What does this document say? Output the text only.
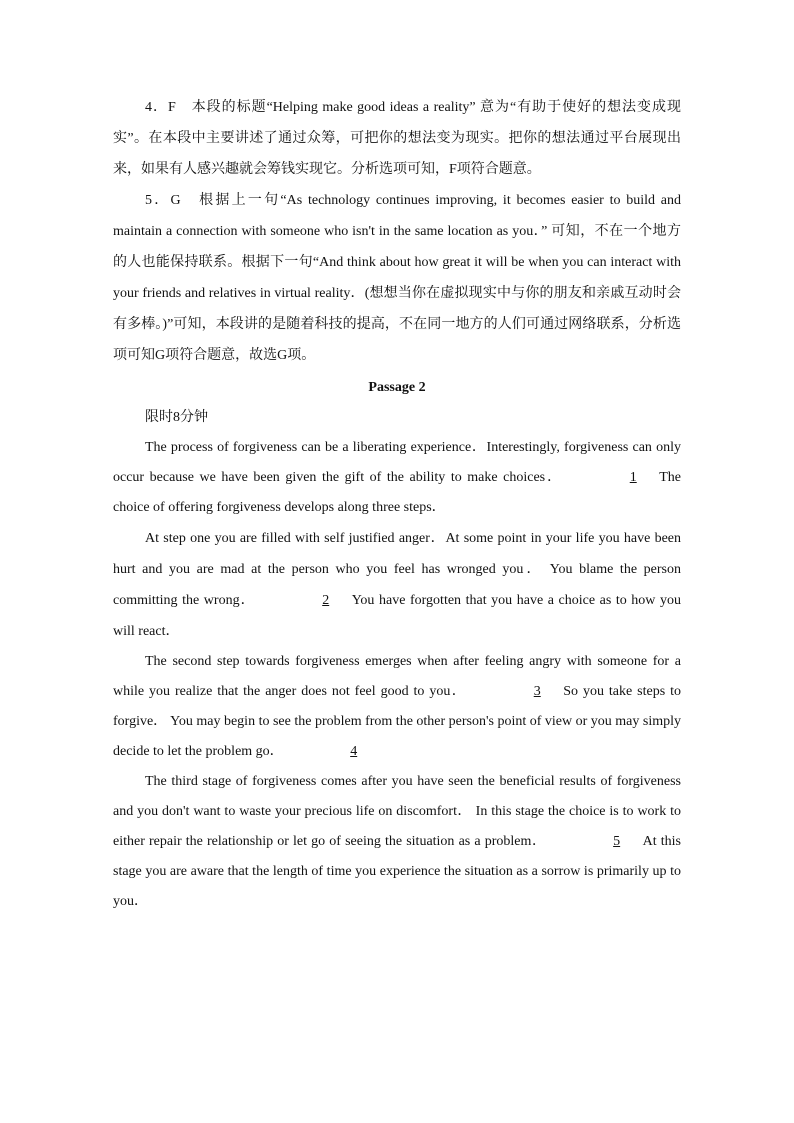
4．F　本段的标题“Helping make good ideas a reality” 意为“有助于使好的想法变成现实”。在本段中主要讲述了通过众筹，可把你的想法变为现实。把你的想法通过平台展现出来，如果有人感兴趣就会筹钱实现它。分析选项可知，F项符合题意。

5．G　根据上一句“As technology continues improving, it becomes easier to build and maintain a connection with someone who isn't in the same location as you．” 可知，不在一个地方的人也能保持联系。根据下一句“And think about how great it will be when you can interact with your friends and relatives in virtual reality．(想想当你在虚拟现实中与你的朋友和亲戚互动时会有多棒。)”可知，本段讲的是随着科技的提高，不在同一地方的人们可通过网络联系，分析选项可知G项符合题意，故选G项。

Passage 2
限时8分钟

The process of forgiveness can be a liberating experience．Interestingly, forgiveness can only occur because we have been given the gift of the ability to make choices．	1 The choice of offering forgiveness develops along three steps．

At step one you are filled with self justified anger．At some point in your life you have been hurt and you are mad at the person who you feel has wronged you． You blame the person committing the wrong．	2 You have forgotten that you have a choice as to how you will react．

The second step towards forgiveness emerges when after feeling angry with someone for a while you realize that the anger does not feel good to you．	3 So you take steps to forgive． You may begin to see the problem from the other person's point of view or you may simply decide to let the problem go．	4

The third stage of forgiveness comes after you have seen the beneficial results of forgiveness and you don't want to waste your precious life on discomfort． In this stage the choice is to work to either repair the relationship or let go of seeing the situation as a problem．	5 At this stage you are aware that the length of time you experience the situation as a sorrow is primarily up to you．
